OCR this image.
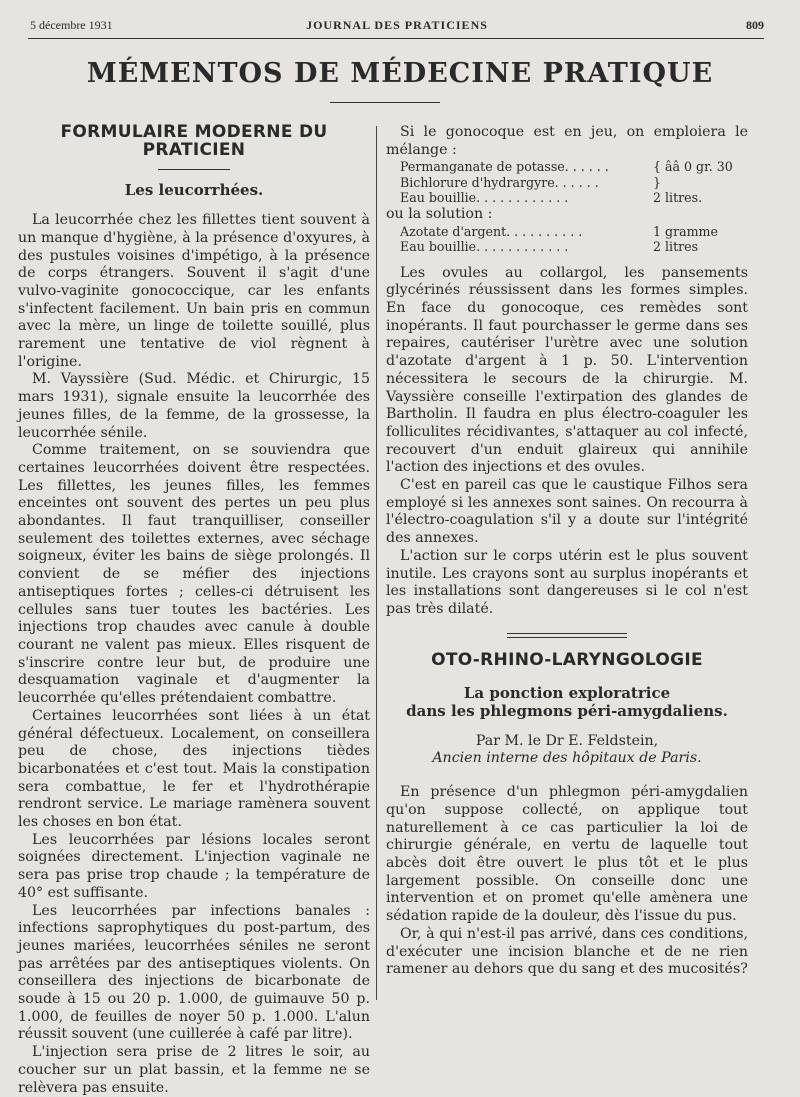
5 décembre 1931	JOURNAL DES PRATICIENS	809
MÉMENTOS DE MÉDECINE PRATIQUE
FORMULAIRE MODERNE DU PRATICIEN
Les leucorrhées.

La leucorrhée chez les fillettes tient souvent à un manque d'hygiène, à la présence d'oxyures, à des pustules voisines d'impétigo, à la présence de corps étrangers. Souvent il s'agit d'une vulvo-vaginite gonococcique, car les enfants s'infectent facilement. Un bain pris en commun avec la mère, un linge de toilette souillé, plus rarement une tentative de viol règnent à l'origine.

M. Vayssière (Sud. Médic. et Chirurgic, 15 mars 1931), signale ensuite la leucorrhée des jeunes filles, de la femme, de la grossesse, la leucorrhée sénile.

Comme traitement, on se souviendra que certaines leucorrhées doivent être respectées. Les fillettes, les jeunes filles, les femmes enceintes ont souvent des pertes un peu plus abondantes. Il faut tranquilliser, conseiller seulement des toilettes externes, avec séchage soigneux, éviter les bains de siège prolongés. Il convient de se méfier des injections antiseptiques fortes ; celles-ci détruisent les cellules sans tuer toutes les bactéries. Les injections trop chaudes avec canule à double courant ne valent pas mieux. Elles risquent de s'inscrire contre leur but, de produire une desquamation vaginale et d'augmenter la leucorrhée qu'elles prétendaient combattre.

Certaines leucorrhées sont liées à un état général défectueux. Localement, on conseillera peu de chose, des injections tièdes bicarbonatées et c'est tout. Mais la constipation sera combattue, le fer et l'hydrothérapie rendront service. Le mariage ramènera souvent les choses en bon état.

Les leucorrhées par lésions locales seront soignées directement. L'injection vaginale ne sera pas prise trop chaude ; la température de 40° est suffisante.

Les leucorrhées par infections banales : infections saprophytiques du post-partum, des jeunes mariées, leucorrhées séniles ne seront pas arrêtées par des antiseptiques violents. On conseillera des injections de bicarbonate de soude à 15 ou 20 p. 1.000, de guimauve 50 p. 1.000, de feuilles de noyer 50 p. 1.000. L'alun réussit souvent (une cuillerée à café par litre).

L'injection sera prise de 2 litres le soir, au coucher sur un plat bassin, et la femme ne se relèvera pas ensuite.

Si le gonocoque est en jeu, on emploiera le mélange :

Permanganate de potasse. . . . . .	{ ââ 0 gr. 30
Bichlorure d'hydrargyre. . . . . .	}
Eau bouillie. . . . . . . . . . . .	2 litres.

ou la solution :

Azotate d'argent. . . . . . . . . .	1 gramme
Eau bouillie. . . . . . . . . . . .	2 litres

Les ovules au collargol, les pansements glycérinés réussissent dans les formes simples. En face du gonocoque, ces remèdes sont inopérants. Il faut pourchasser le germe dans ses repaires, cautériser l'urètre avec une solution d'azotate d'argent à 1 p. 50. L'intervention nécessitera le secours de la chirurgie. M. Vayssière conseille l'extirpation des glandes de Bartholin. Il faudra en plus électro-coaguler les folliculites récidivantes, s'attaquer au col infecté, recouvert d'un enduit glaireux qui annihile l'action des injections et des ovules.

C'est en pareil cas que le caustique Filhos sera employé si les annexes sont saines. On recourra à l'électro-coagulation s'il y a doute sur l'intégrité des annexes.

L'action sur le corps utérin est le plus souvent inutile. Les crayons sont au surplus inopérants et les installations sont dangereuses si le col n'est pas très dilaté.

OTO-RHINO-LARYNGOLOGIE
La ponction exploratrice
dans les phlegmons péri-amygdaliens.
Par M. le Dr E. Feldstein,
Ancien interne des hôpitaux de Paris.

En présence d'un phlegmon péri-amygdalien qu'on suppose collecté, on applique tout naturellement à ce cas particulier la loi de chirurgie générale, en vertu de laquelle tout abcès doit être ouvert le plus tôt et le plus largement possible. On conseille donc une intervention et on promet qu'elle amènera une sédation rapide de la douleur, dès l'issue du pus.

Or, à qui n'est-il pas arrivé, dans ces conditions, d'exécuter une incision blanche et de ne rien ramener au dehors que du sang et des mucosités?
